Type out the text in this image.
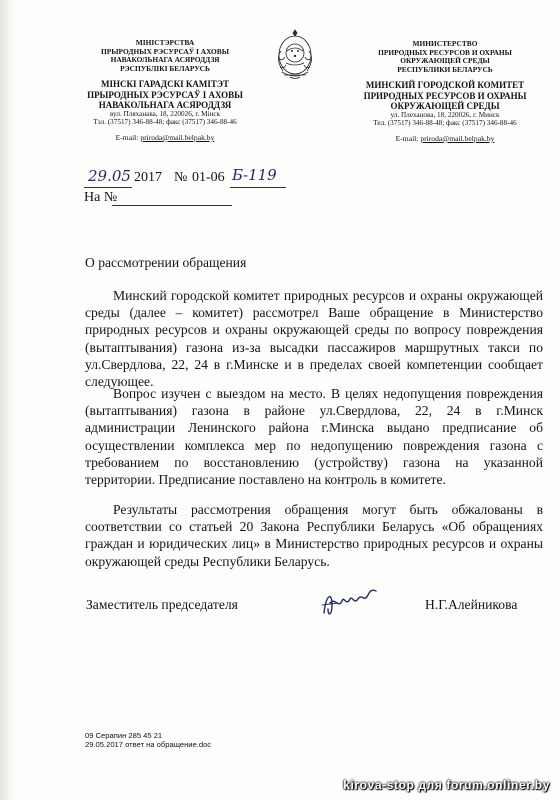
МІНІСТЭРСТВА
ПРЫРОДНЫХ РЭСУРСАЎ І АХОВЫ
НАВАКОЛЬНАГА АСЯРОДДЗЯ
РЭСПУБЛІКІ БЕЛАРУСЬ
МІНСКІ ГАРАДСКІ КАМІТЭТ
ПРЫРОДНЫХ РЭСУРСАЎ І АХОВЫ
НАВАКОЛЬНАГА АСЯРОДДЗЯ
вул. Пляханава, 18, 220026, г. Мінск
Тэл. (37517) 346-88-48; факс (37517) 346-88-46
E-mail: priroda@mail.belpak.by
МИНИСТЕРСТВО
ПРИРОДНЫХ РЕСУРСОВ И ОХРАНЫ
ОКРУЖАЮЩЕЙ СРЕДЫ
РЕСПУБЛИКИ БЕЛАРУСЬ
МИНСКИЙ ГОРОДСКОЙ КОМИТЕТ
ПРИРОДНЫХ РЕСУРСОВ И ОХРАНЫ
ОКРУЖАЮЩЕЙ СРЕДЫ
ул. Плеханова, 18, 220026, г. Минск
Тел. (37517) 346-88-48; факс (37517) 346-88-46
E-mail: priroda@mail.belpak.by
29.05 2017 № 01-06 Б-119
На №
О рассмотрении обращения

Минский городской комитет природных ресурсов и охраны окружающей среды (далее – комитет) рассмотрел Ваше обращение в Министерство природных ресурсов и охраны окружающей среды по вопросу повреждения (вытаптывания) газона из-за высадки пассажиров маршрутных такси по ул.Свердлова, 22, 24 в г.Минске и в пределах своей компетенции сообщает следующее.

Вопрос изучен с выездом на место. В целях недопущения повреждения (вытаптывания) газона в районе ул.Свердлова, 22, 24 в г.Минск администрации Ленинского района г.Минска выдано предписание об осуществлении комплекса мер по недопущению повреждения газона с требованием по восстановлению (устройству) газона на указанной территории. Предписание поставлено на контроль в комитете.

Результаты рассмотрения обращения могут быть обжалованы в соответствии со статьей 20 Закона Республики Беларусь «Об обращениях граждан и юридических лиц» в Министерство природных ресурсов и охраны окружающей среды Республики Беларусь.

Заместитель председателя	Н.Г.Алейникова
09 Серапин 285 45 21
29.05.2017 ответ на обращение.doc
kirova-stop для forum.onliner.by
